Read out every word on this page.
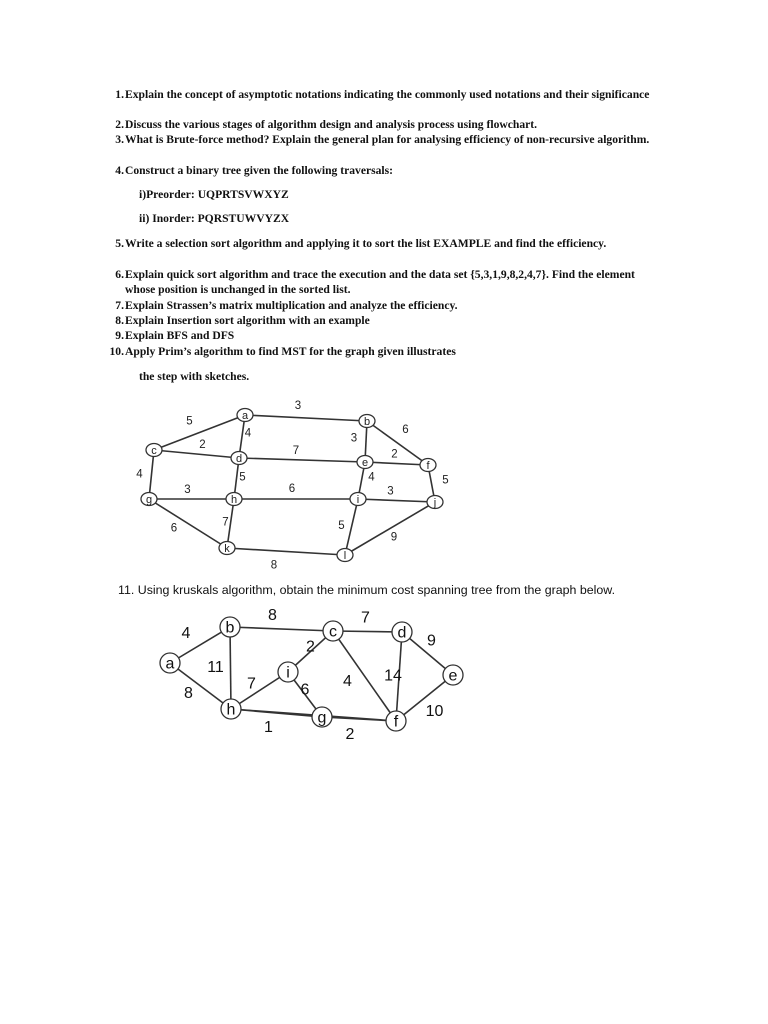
1. Explain the concept of asymptotic notations indicating the commonly used notations and their significance
2. Discuss the various stages of algorithm design and analysis process using flowchart.
3. What is Brute-force method? Explain the general plan for analysing efficiency of non-recursive algorithm.
4. Construct a binary tree given the following traversals:
i)Preorder: UQPRTSVWXYZ
ii) Inorder: PQRSTUWVYZX
5. Write a selection sort algorithm and applying it to sort the list EXAMPLE and find the efficiency.
6. Explain quick sort algorithm and trace the execution and the data set {5,3,1,9,8,2,4,7}. Find the element whose position is unchanged in the sorted list.
7. Explain Strassen’s matrix multiplication and analyze the efficiency.
8. Explain Insertion sort algorithm with an example
9. Explain BFS and DFS
10. Apply Prim’s algorithm to find MST for the graph given illustrates
the step with sketches.
5
3
4
2
4
7
3
6
2
5
3	6
4
3
5
6	7
8
5
9
a	b
c
d	e	f
g	h	i	j
k
l
11. Using kruskals algorithm, obtain the minimum cost spanning tree from the graph below.
4
8	7
9
8
11
7
2
6 4 14
10
1	2
a
b	c	d
e
f
g
h
i
